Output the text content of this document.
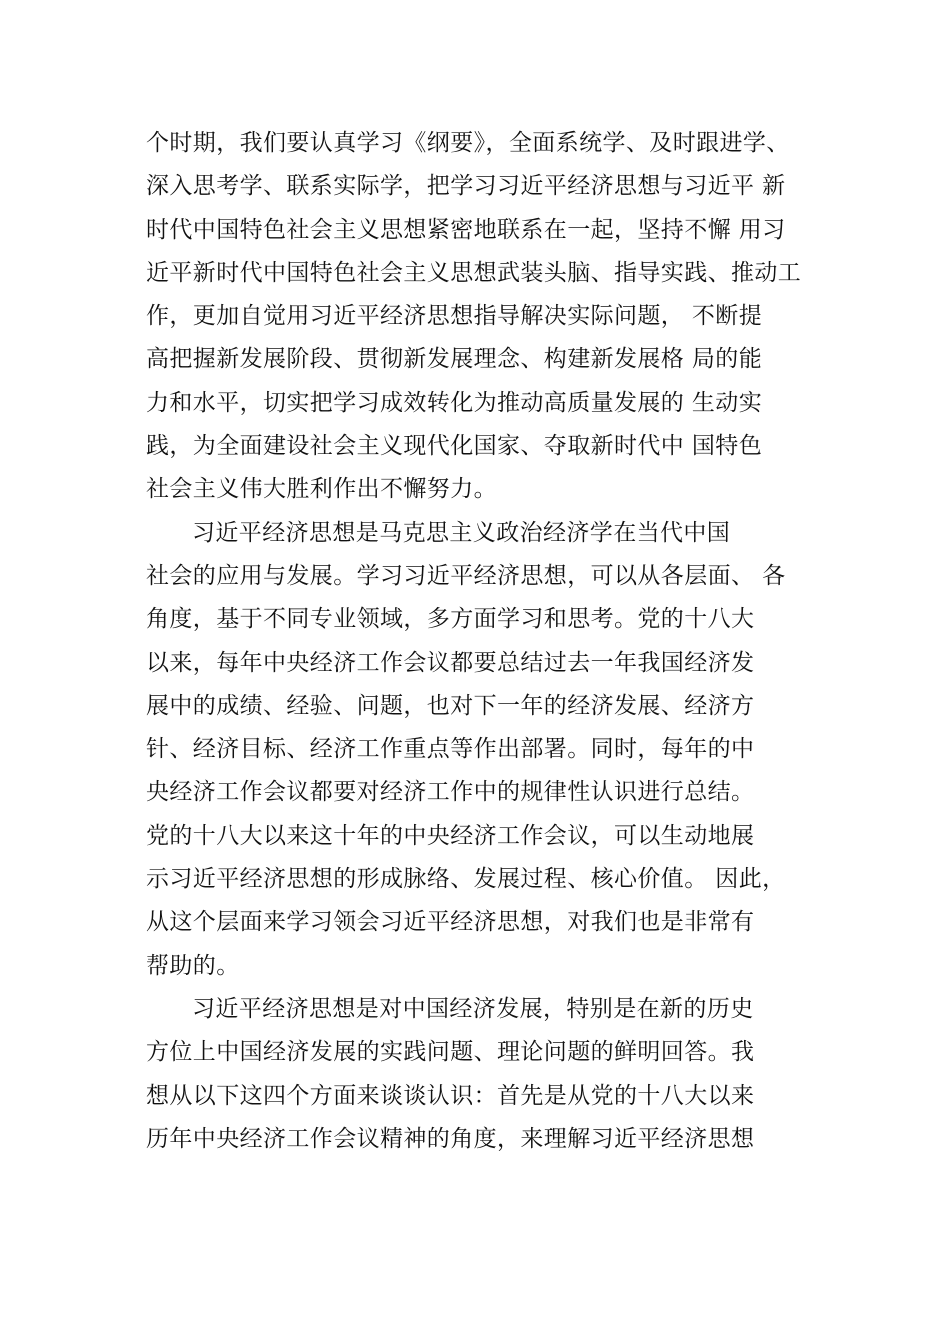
个时期，我们要认真学习《纲要》，全面系统学、及时跟进学、
深入思考学、联系实际学，把学习习近平经济思想与习近平 新
时代中国特色社会主义思想紧密地联系在一起，坚持不懈 用习
近平新时代中国特色社会主义思想武装头脑、指导实践、推动工
作，更加自觉用习近平经济思想指导解决实际问题， 不断提
高把握新发展阶段、贯彻新发展理念、构建新发展格 局的能
力和水平，切实把学习成效转化为推动高质量发展的 生动实
践，为全面建设社会主义现代化国家、夺取新时代中 国特色
社会主义伟大胜利作出不懈努力。
习近平经济思想是马克思主义政治经济学在当代中国
社会的应用与发展。学习习近平经济思想，可以从各层面、 各
角度，基于不同专业领域，多方面学习和思考。党的十八大
以来，每年中央经济工作会议都要总结过去一年我国经济发
展中的成绩、经验、问题，也对下一年的经济发展、经济方
针、经济目标、经济工作重点等作出部署。同时，每年的中
央经济工作会议都要对经济工作中的规律性认识进行总结。
党的十八大以来这十年的中央经济工作会议，可以生动地展
示习近平经济思想的形成脉络、发展过程、核心价值。 因此，
从这个层面来学习领会习近平经济思想，对我们也是非常有
帮助的。
习近平经济思想是对中国经济发展，特别是在新的历史
方位上中国经济发展的实践问题、理论问题的鲜明回答。我
想从以下这四个方面来谈谈认识：首先是从党的十八大以来
历年中央经济工作会议精神的角度，来理解习近平经济思想
